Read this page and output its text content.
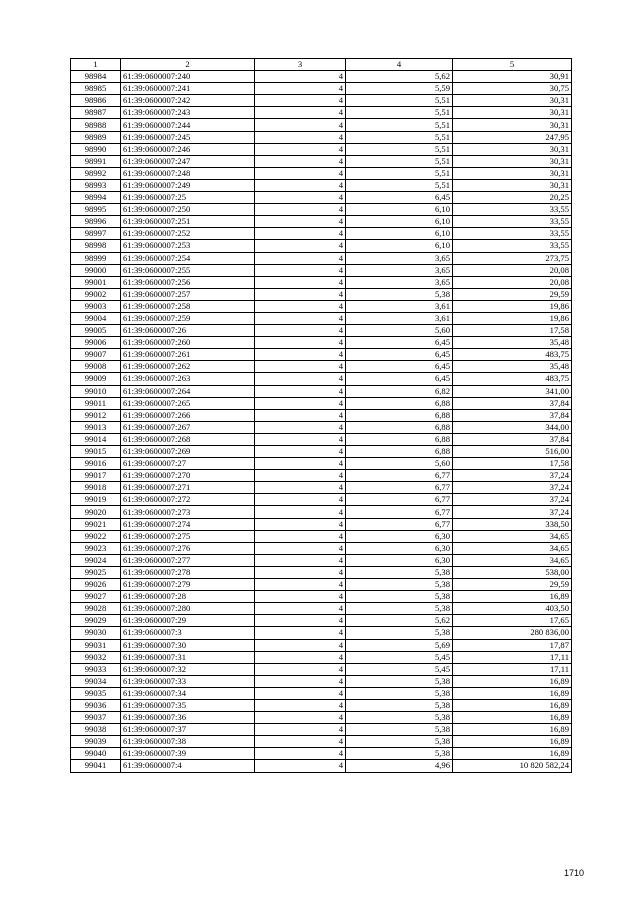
1	2	3	4	5
98984	61:39:0600007:240	4	5,62	30,91
98985	61:39:0600007:241	4	5,59	30,75
98986	61:39:0600007:242	4	5,51	30,31
98987	61:39:0600007:243	4	5,51	30,31
98988	61:39:0600007:244	4	5,51	30,31
98989	61:39:0600007:245	4	5,51	247,95
98990	61:39:0600007:246	4	5,51	30,31
98991	61:39:0600007:247	4	5,51	30,31
98992	61:39:0600007:248	4	5,51	30,31
98993	61:39:0600007:249	4	5,51	30,31
98994	61:39:0600007:25	4	6,45	20,25
98995	61:39:0600007:250	4	6,10	33,55
98996	61:39:0600007:251	4	6,10	33,55
98997	61:39:0600007:252	4	6,10	33,55
98998	61:39:0600007:253	4	6,10	33,55
98999	61:39:0600007:254	4	3,65	273,75
99000	61:39:0600007:255	4	3,65	20,08
99001	61:39:0600007:256	4	3,65	20,08
99002	61:39:0600007:257	4	5,38	29,59
99003	61:39:0600007:258	4	3,61	19,86
99004	61:39:0600007:259	4	3,61	19,86
99005	61:39:0600007:26	4	5,60	17,58
99006	61:39:0600007:260	4	6,45	35,48
99007	61:39:0600007:261	4	6,45	483,75
99008	61:39:0600007:262	4	6,45	35,48
99009	61:39:0600007:263	4	6,45	483,75
99010	61:39:0600007:264	4	6,82	341,00
99011	61:39:0600007:265	4	6,88	37,84
99012	61:39:0600007:266	4	6,88	37,84
99013	61:39:0600007:267	4	6,88	344,00
99014	61:39:0600007:268	4	6,88	37,84
99015	61:39:0600007:269	4	6,88	516,00
99016	61:39:0600007:27	4	5,60	17,58
99017	61:39:0600007:270	4	6,77	37,24
99018	61:39:0600007:271	4	6,77	37,24
99019	61:39:0600007:272	4	6,77	37,24
99020	61:39:0600007:273	4	6,77	37,24
99021	61:39:0600007:274	4	6,77	338,50
99022	61:39:0600007:275	4	6,30	34,65
99023	61:39:0600007:276	4	6,30	34,65
99024	61:39:0600007:277	4	6,30	34,65
99025	61:39:0600007:278	4	5,38	538,00
99026	61:39:0600007:279	4	5,38	29,59
99027	61:39:0600007:28	4	5,38	16,89
99028	61:39:0600007:280	4	5,38	403,50
99029	61:39:0600007:29	4	5,62	17,65
99030	61:39:0600007:3	4	5,38	280 836,00
99031	61:39:0600007:30	4	5,69	17,87
99032	61:39:0600007:31	4	5,45	17,11
99033	61:39:0600007:32	4	5,45	17,11
99034	61:39:0600007:33	4	5,38	16,89
99035	61:39:0600007:34	4	5,38	16,89
99036	61:39:0600007:35	4	5,38	16,89
99037	61:39:0600007:36	4	5,38	16,89
99038	61:39:0600007:37	4	5,38	16,89
99039	61:39:0600007:38	4	5,38	16,89
99040	61:39:0600007:39	4	5,38	16,89
99041	61:39:0600007:4	4	4,96	10 820 582,24
1710
